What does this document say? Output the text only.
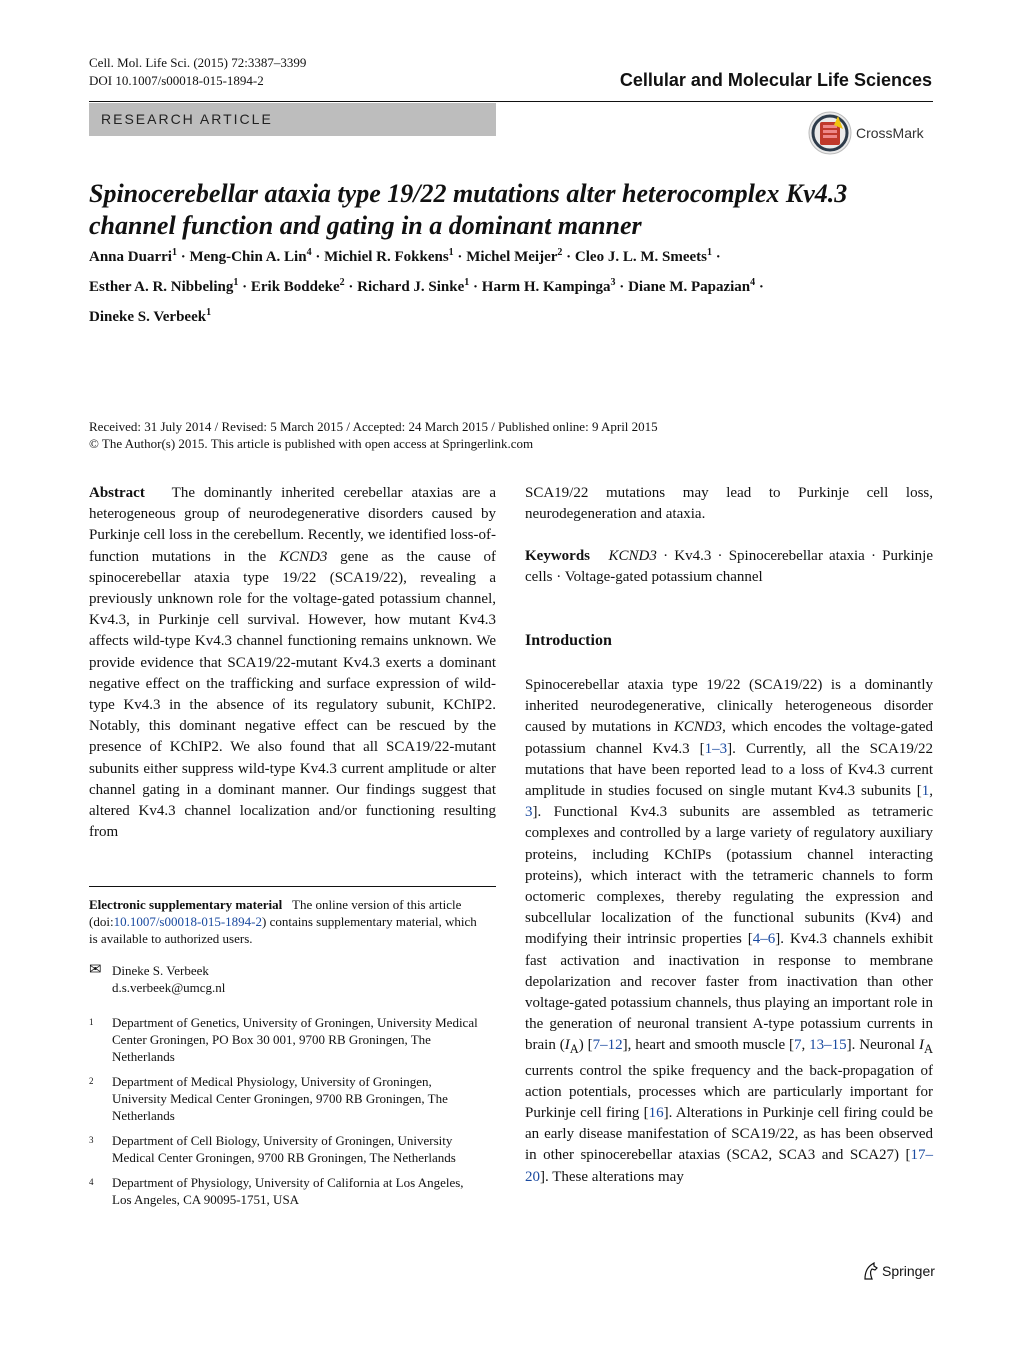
Cell. Mol. Life Sci. (2015) 72:3387–3399
DOI 10.1007/s00018-015-1894-2	Cellular and Molecular Life Sciences
RESEARCH ARTICLE
CrossMark
Spinocerebellar ataxia type 19/22 mutations alter heterocomplex Kv4.3 channel function and gating in a dominant manner
Anna Duarri$^1$ · Meng-Chin A. Lin$^4$ · Michiel R. Fokkens$^1$ · Michel Meijer$^2$ · Cleo J. L. M. Smeets$^1$ ·
Esther A. R. Nibbeling$^1$ · Erik Boddeke$^2$ · Richard J. Sinke$^1$ · Harm H. Kampinga$^3$ · Diane M. Papazian$^4$ ·
Dineke S. Verbeek$^1$
Received: 31 July 2014 / Revised: 5 March 2015 / Accepted: 24 March 2015 / Published online: 9 April 2015
© The Author(s) 2015. This article is published with open access at Springerlink.com
Abstract The dominantly inherited cerebellar ataxias are a heterogeneous group of neurodegenerative disorders caused by Purkinje cell loss in the cerebellum. Recently, we identified loss-of-function mutations in the KCND3 gene as the cause of spinocerebellar ataxia type 19/22 (SCA19/22), revealing a previously unknown role for the voltage-gated potassium channel, Kv4.3, in Purkinje cell survival. However, how mutant Kv4.3 affects wild-type Kv4.3 channel functioning remains unknown. We provide evidence that SCA19/22-mutant Kv4.3 exerts a dominant negative effect on the trafficking and surface expression of wild-type Kv4.3 in the absence of its regulatory subunit, KChIP2. Notably, this dominant negative effect can be rescued by the presence of KChIP2. We also found that all SCA19/22-mutant subunits either suppress wild-type Kv4.3 current amplitude or alter channel gating in a dominant manner. Our findings suggest that altered Kv4.3 channel localization and/or functioning resulting from
Electronic supplementary material The online version of this article (doi:10.1007/s00018-015-1894-2) contains supplementary material, which is available to authorized users.
✉ Dineke S. Verbeek
d.s.verbeek@umcg.nl
1	Department of Genetics, University of Groningen, University Medical Center Groningen, PO Box 30 001, 9700 RB Groningen, The Netherlands
2	Department of Medical Physiology, University of Groningen, University Medical Center Groningen, 9700 RB Groningen, The Netherlands
3	Department of Cell Biology, University of Groningen, University Medical Center Groningen, 9700 RB Groningen, The Netherlands
4	Department of Physiology, University of California at Los Angeles, Los Angeles, CA 90095-1751, USA
SCA19/22 mutations may lead to Purkinje cell loss, neurodegeneration and ataxia.
Keywords KCND3 · Kv4.3 · Spinocerebellar ataxia · Purkinje cells · Voltage-gated potassium channel
Introduction
Spinocerebellar ataxia type 19/22 (SCA19/22) is a dominantly inherited neurodegenerative, clinically heterogeneous disorder caused by mutations in KCND3, which encodes the voltage-gated potassium channel Kv4.3 [1–3]. Currently, all the SCA19/22 mutations that have been reported lead to a loss of Kv4.3 current amplitude in studies focused on single mutant Kv4.3 subunits [1, 3]. Functional Kv4.3 subunits are assembled as tetrameric complexes and controlled by a large variety of regulatory auxiliary proteins, including KChIPs (potassium channel interacting proteins), which interact with the tetrameric channels to form octomeric complexes, thereby regulating the expression and subcellular localization of the functional subunits (Kv4) and modifying their intrinsic properties [4–6]. Kv4.3 channels exhibit fast activation and inactivation in response to membrane depolarization and recover faster from inactivation than other voltage-gated potassium channels, thus playing an important role in the generation of neuronal transient A-type potassium currents in brain $(I_A)$ [7–12], heart and smooth muscle [7, 13–15]. Neuronal $I_A$ currents control the spike frequency and the back-propagation of action potentials, processes which are particularly important for Purkinje cell firing [16]. Alterations in Purkinje cell firing could be an early disease manifestation of SCA19/22, as has been observed in other spinocerebellar ataxias (SCA2, SCA3 and SCA27) [17–20]. These alterations may
Springer
